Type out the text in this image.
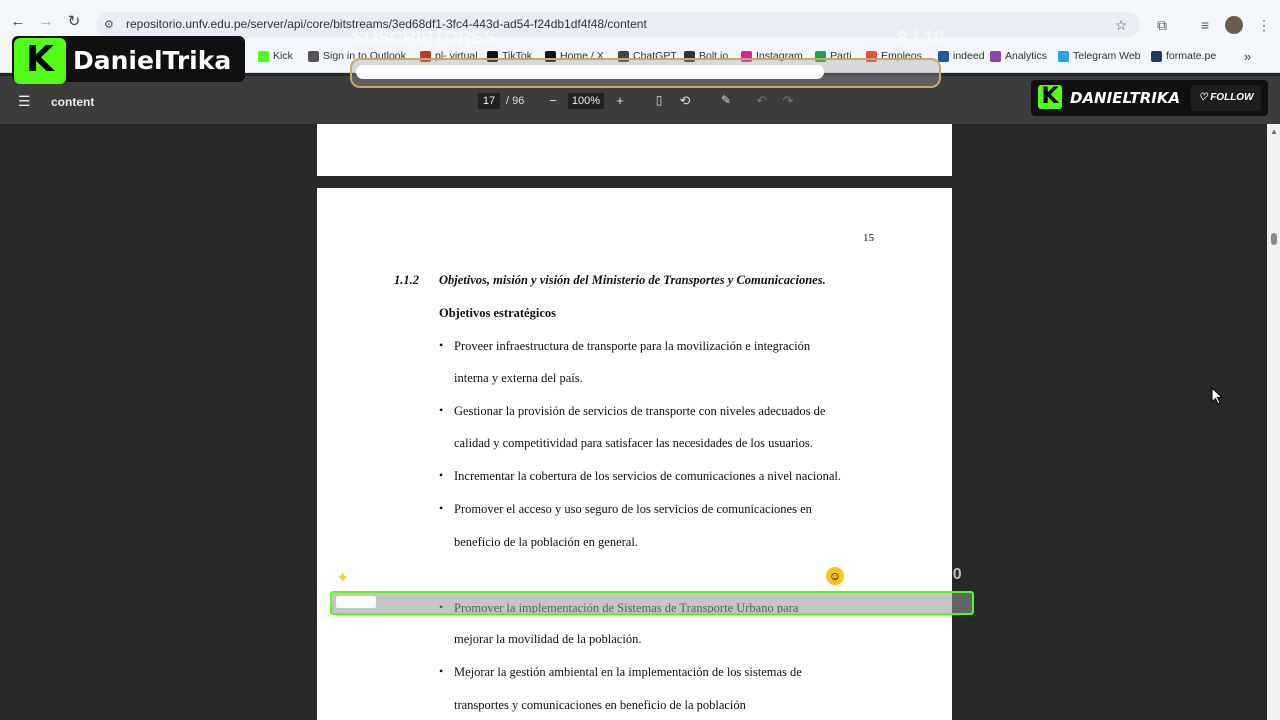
← → ↻	⚙ repositorio.unfv.edu.pe/server/api/core/bitstreams/3ed68df1-3fc4-443d-ad54-f24db1df4f48/content	☆	⧉	≡	⋮
Kick	Sign in to Outlook	pl- virtual TikTok	Home / X	ChatGPT Bolt.io	Instagram	Parti	Empleos	indeed Analytics Telegram Web formate.pe »
☰ content	17 / 96	−	100%	+	▯	⟲	✎ ↶ ↷
15
1.1.2 Objetivos, misión y visión del Ministerio de Transportes y Comunicaciones.
Objetivos estratégicos
• Proveer infraestructura de transporte para la movilización e integración
interna y externa del país.
• Gestionar la provisión de servicios de transporte con niveles adecuados de
calidad y competitividad para satisfacer las necesidades de los usuarios.
• Incrementar la cobertura de los servicios de comunicaciones a nivel nacional.
• Promover el acceso y uso seguro de los servicios de comunicaciones en
beneficio de la población en general.
mejorar la movilidad de la población.
• Mejorar la gestión ambiental en la implementación de los sistemas de
transportes y comunicaciones en beneficio de la población
▲
K DanielTrika
SUSCRIPTORES	8 / 10
K DANIELTRIKA	♡ FOLLOW
✦ "IF YOU SEND ME KICKS, I'LL THINK ABOUT YOU ALL DAY" ☺	124 / 2000
